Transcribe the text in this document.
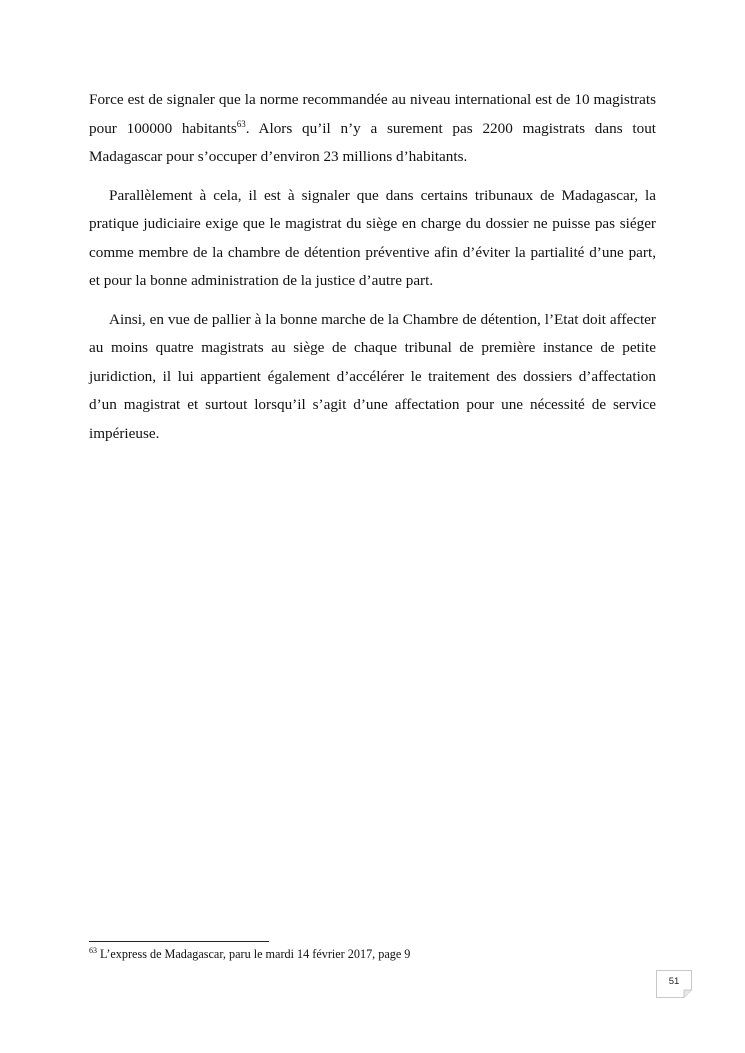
Force est de signaler que la norme recommandée au niveau international est de 10 magistrats pour 100000 habitants$^{63}$. Alors qu’il n’y a surement pas 2200 magistrats dans tout Madagascar pour s’occuper d’environ 23 millions d’habitants.

Parallèlement à cela, il est à signaler que dans certains tribunaux de Madagascar, la pratique judiciaire exige que le magistrat du siège en charge du dossier ne puisse pas siéger comme membre de la chambre de détention préventive afin d’éviter la partialité d’une part, et pour la bonne administration de la justice d’autre part.

Ainsi, en vue de pallier à la bonne marche de la Chambre de détention, l’Etat doit affecter au moins quatre magistrats au siège de chaque tribunal de première instance de petite juridiction, il lui appartient également d’accélérer le traitement des dossiers d’affectation d’un magistrat et surtout lorsqu’il s’agit d’une affectation pour une nécessité de service impérieuse.

$^{63}$ L’express de Madagascar, paru le mardi 14 février 2017, page 9
51
